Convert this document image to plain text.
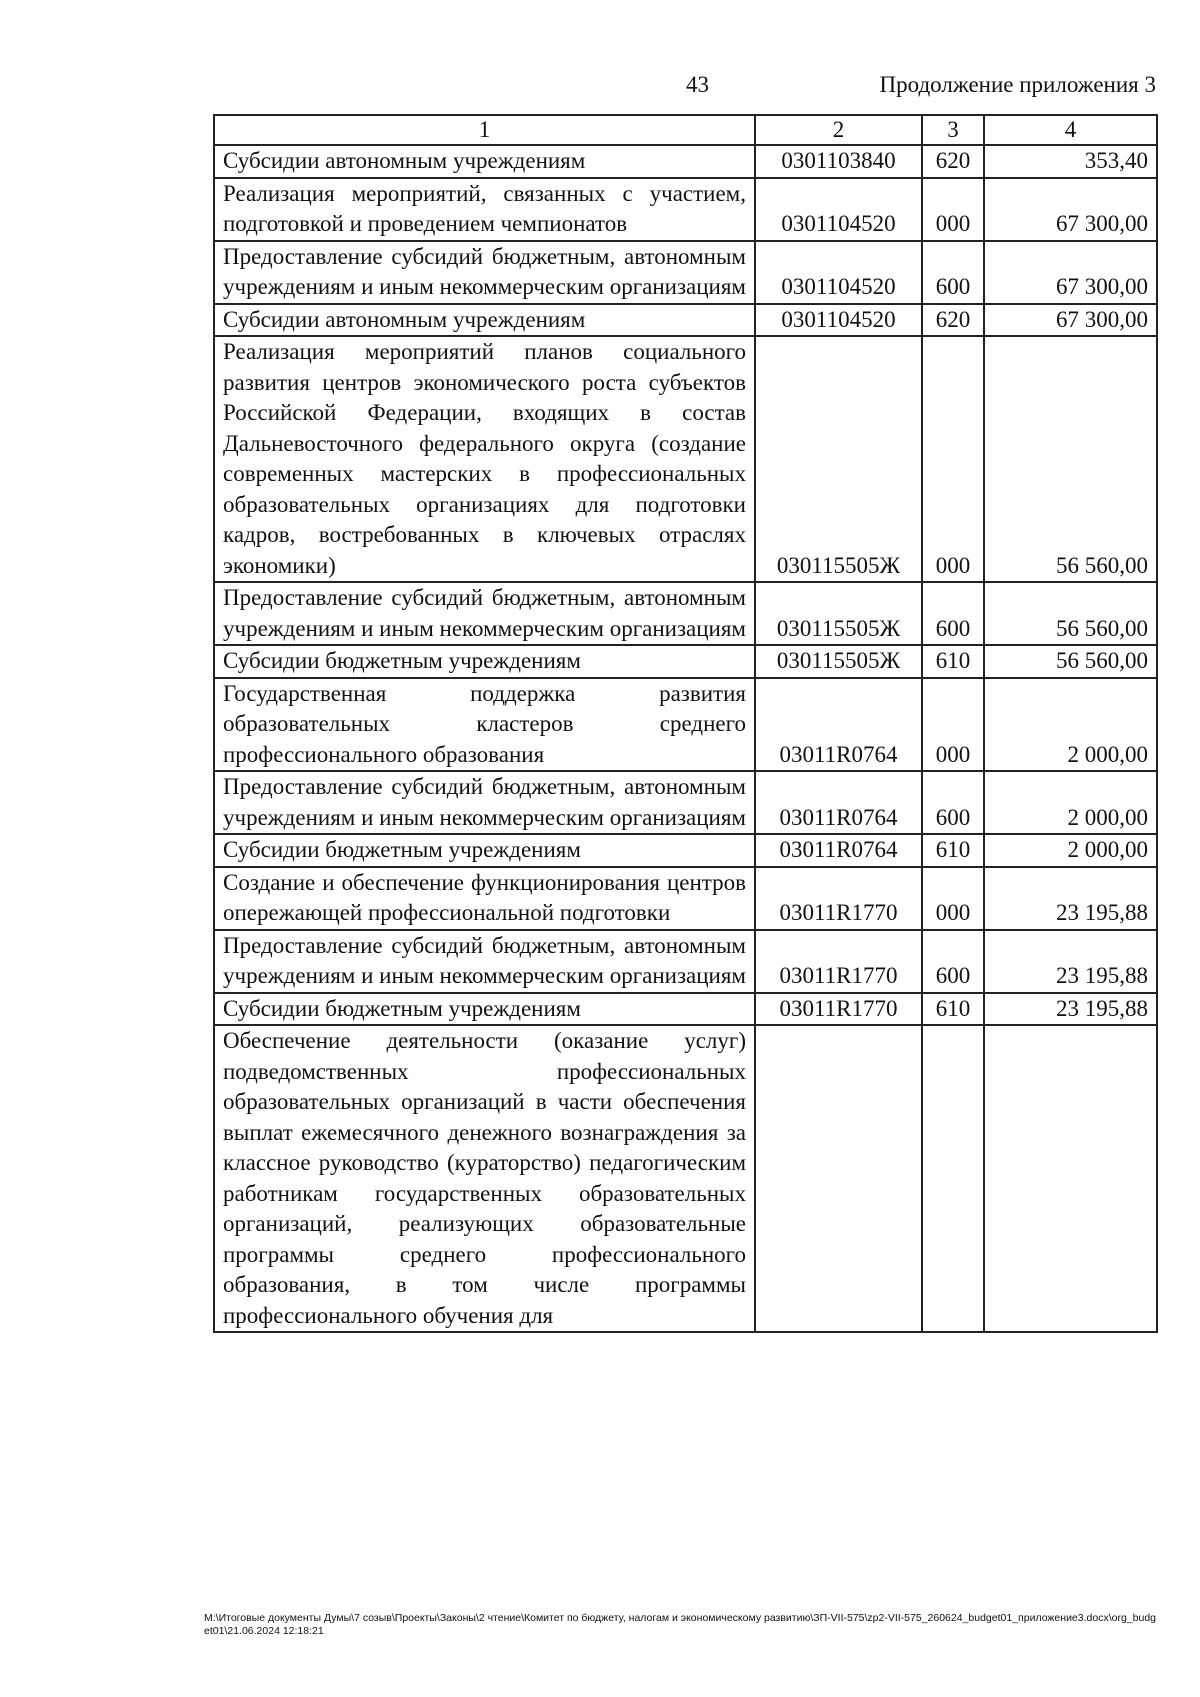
43	Продолжение приложения 3
1	2	3	4
Субсидии автономным учреждениям	0301103840	620	353,40
Реализация мероприятий, связанных с участием, подготовкой и проведением чемпионатов	0301104520	000	67 300,00
Предоставление субсидий бюджетным, автономным учреждениям и иным некоммерческим организациям	0301104520	600	67 300,00
Субсидии автономным учреждениям	0301104520	620	67 300,00
Реализация мероприятий планов социального развития центров экономического роста субъектов Российской Федерации, входящих в состав Дальневосточного федерального округа (создание современных мастерских в профессиональных образовательных организациях для подготовки кадров, востребованных в ключевых отраслях экономики)	030115505Ж	000	56 560,00
Предоставление субсидий бюджетным, автономным учреждениям и иным некоммерческим организациям	030115505Ж	600	56 560,00
Субсидии бюджетным учреждениям	030115505Ж	610	56 560,00
Государственная поддержка развития образовательных кластеров среднего профессионального образования	03011R0764	000	2 000,00
Предоставление субсидий бюджетным, автономным учреждениям и иным некоммерческим организациям	03011R0764	600	2 000,00
Субсидии бюджетным учреждениям	03011R0764	610	2 000,00
Создание и обеспечение функционирования центров опережающей профессиональной подготовки	03011R1770	000	23 195,88
Предоставление субсидий бюджетным, автономным учреждениям и иным некоммерческим организациям	03011R1770	600	23 195,88
Субсидии бюджетным учреждениям	03011R1770	610	23 195,88
Обеспечение деятельности (оказание услуг) подведомственных профессиональных образовательных организаций в части обеспечения выплат ежемесячного денежного вознаграждения за классное руководство (кураторство) педагогическим работникам государственных образовательных организаций, реализующих образовательные программы среднего профессионального образования, в том числе программы профессионального обучения для			
M:\Итоговые документы Думы\7 созыв\Проекты\Законы\2 чтение\Комитет по бюджету, налогам и экономическому развитию\ЗП-VII-575\zp2-VII-575_260624_budget01_приложение3.docx\org_budget01\21.06.2024 12:18:21
